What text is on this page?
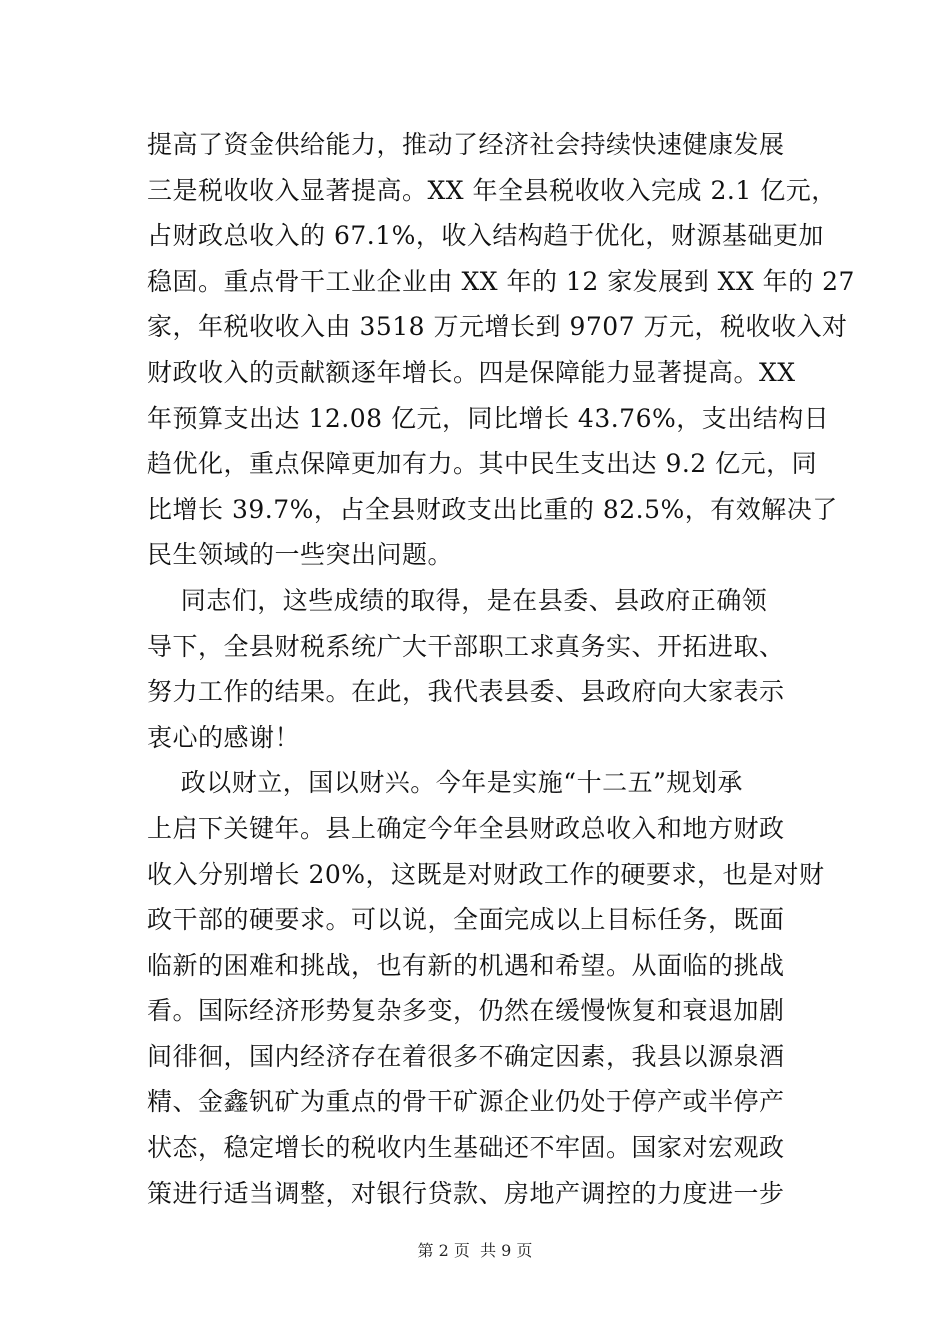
提高了资金供给能力，推动了经济社会持续快速健康发展
三是税收收入显著提高。XX 年全县税收收入完成 2.1 亿元，
占财政总收入的 67.1%，收入结构趋于优化，财源基础更加
稳固。重点骨干工业企业由 XX 年的 12 家发展到 XX 年的 27
家，年税收收入由 3518 万元增长到 9707 万元，税收收入对
财政收入的贡献额逐年增长。四是保障能力显著提高。XX
年预算支出达 12.08 亿元，同比增长 43.76%，支出结构日
趋优化，重点保障更加有力。其中民生支出达 9.2 亿元，同
比增长 39.7%，占全县财政支出比重的 82.5%，有效解决了
民生领域的一些突出问题。
同志们，这些成绩的取得，是在县委、县政府正确领
导下，全县财税系统广大干部职工求真务实、开拓进取、
努力工作的结果。在此，我代表县委、县政府向大家表示
衷心的感谢！
政以财立，国以财兴。今年是实施“十二五”规划承
上启下关键年。县上确定今年全县财政总收入和地方财政
收入分别增长 20%，这既是对财政工作的硬要求，也是对财
政干部的硬要求。可以说，全面完成以上目标任务，既面
临新的困难和挑战，也有新的机遇和希望。从面临的挑战
看。国际经济形势复杂多变，仍然在缓慢恢复和衰退加剧
间徘徊，国内经济存在着很多不确定因素，我县以源泉酒
精、金鑫钒矿为重点的骨干矿源企业仍处于停产或半停产
状态，稳定增长的税收内生基础还不牢固。国家对宏观政
策进行适当调整，对银行贷款、房地产调控的力度进一步
第 2 页  共 9 页
